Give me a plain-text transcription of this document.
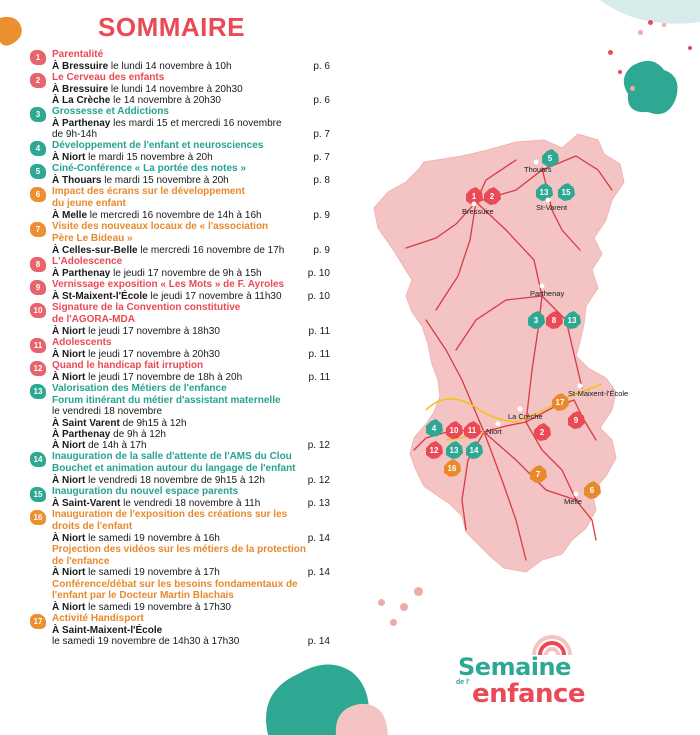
SOMMAIRE
1	Parentalité
À Bressuire le lundi 14 novembre à 10h	p. 6
2	Le Cerveau des enfants
À Bressuire le lundi 14 novembre à 20h30
À La Crèche le 14 novembre à 20h30	p. 6
3	Grossesse et Addictions
À Parthenay les mardi 15 et mercredi 16 novembre
de 9h-14h	p. 7
4	Développement de l'enfant et neurosciences
À Niort le mardi 15 novembre à 20h	p. 7
5	Ciné-Conférence « La portée des notes »
À Thouars le mardi 15 novembre à 20h	p. 8
6	Impact des écrans sur le développement
du jeune enfant
À Melle le mercredi 16 novembre de 14h à 16h	p. 9
7	Visite des nouveaux locaux de « l'association
Père Le Bideau »
À Celles-sur-Belle le mercredi 16 novembre de 17h	p. 9
8	L'Adolescence
À Parthenay le jeudi 17 novembre de 9h à 15h	p. 10
9	Vernissage exposition « Les Mots » de F. Ayroles
À St-Maixent-l'École le jeudi 17 novembre à 11h30	p. 10
10 Signature de la Convention constitutive
de l'AGORA-MDA
À Niort le jeudi 17 novembre à 18h30	p. 11
11 Adolescents
À Niort le jeudi 17 novembre à 20h30	p. 11
12 Quand le handicap fait irruption
À Niort le jeudi 17 novembre de 18h à 20h	p. 11
13 Valorisation des Métiers de l'enfance
Forum itinérant du métier d'assistant maternelle
le vendredi 18 novembre
À Saint Varent de 9h15 à 12h
À Parthenay de 9h à 12h
À Niort de 14h à 17h	p. 12
14 Inauguration de la salle d'attente de l'AMS du Clou
Bouchet et animation autour du langage de l'enfant
À Niort le vendredi 18 novembre de 9h15 à 12h	p. 12
15 Inauguration du nouvel espace parents
À Saint-Varent le vendredi 18 novembre à 11h	p. 13
16 Inauguration de l'exposition des créations sur les
droits de l'enfant
À Niort le samedi 19 novembre à 16h	p. 14
Projection des vidéos sur les métiers de la protection
de l'enfance
À Niort le samedi 19 novembre à 17h	p. 14
Conférence/débat sur les besoins fondamentaux de
l'enfant par le Docteur Martin Blachais
À Niort le samedi 19 novembre à 17h30
17 Activité Handisport
À Saint-Maixent-l'École
le samedi 19 novembre de 14h30 à 17h30	p. 14
5
13 15
1 2
3 8 13
17
9
2
4 10 11
12 13 14
16
7
6
Thouars
Bressuire	St-Varent
Parthenay
La Crèche
St-Maixent-l'École
Niort
Melle
Semaine
de l' enfance
